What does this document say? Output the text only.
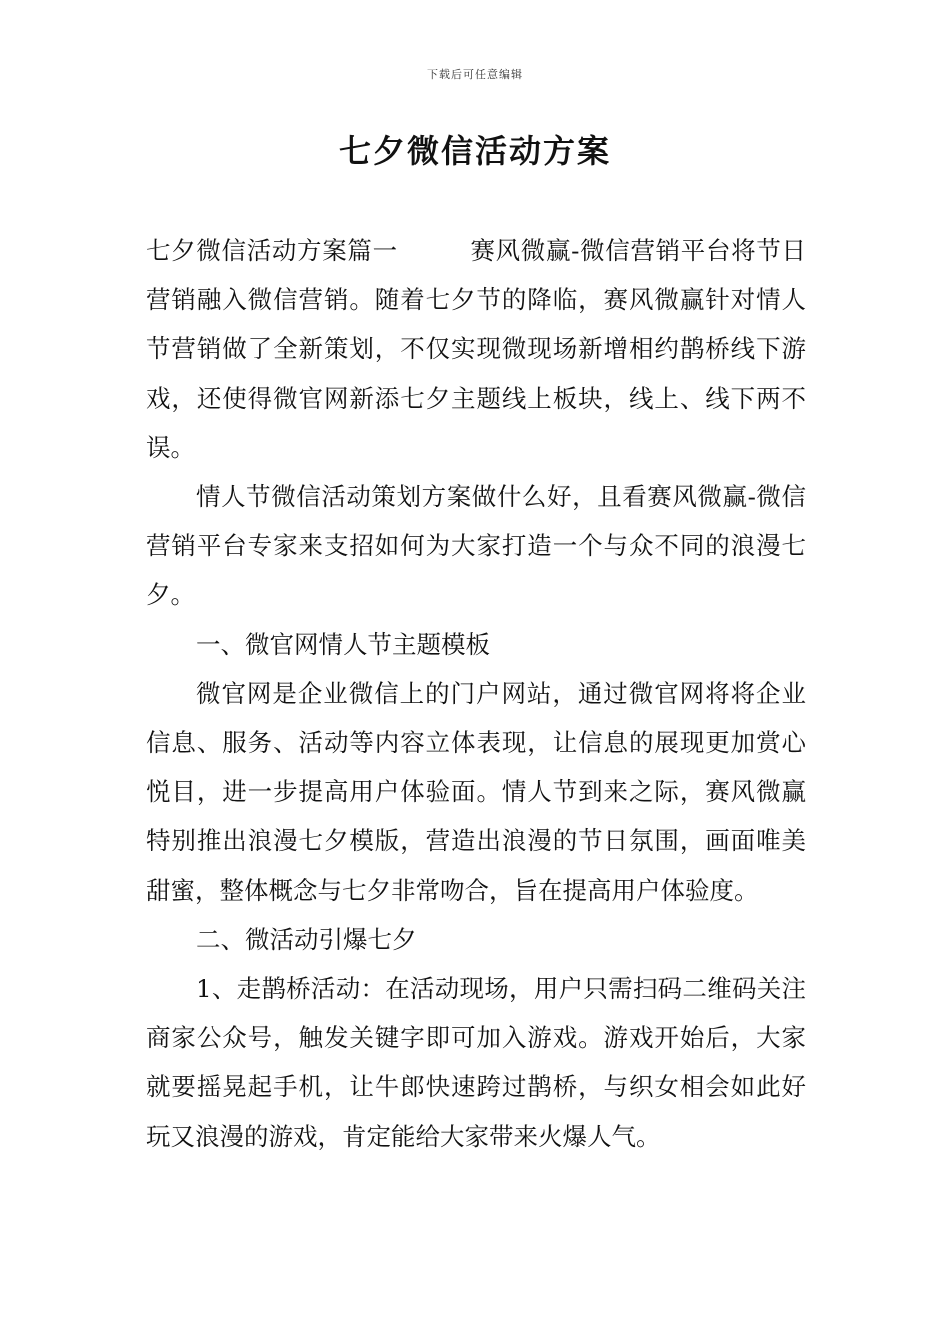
下载后可任意编辑
七夕微信活动方案

七夕微信活动方案篇一	赛风微赢-微信营销平台将节日营销融入微信营销。随着七夕节的降临，赛风微赢针对情人节营销做了全新策划，不仅实现微现场新增相约鹊桥线下游戏，还使得微官网新添七夕主题线上板块，线上、线下两不误。

情人节微信活动策划方案做什么好，且看赛风微赢-微信营销平台专家来支招如何为大家打造一个与众不同的浪漫七夕。

一、微官网情人节主题模板

微官网是企业微信上的门户网站，通过微官网将将企业信息、服务、活动等内容立体表现，让信息的展现更加赏心悦目，进一步提高用户体验面。情人节到来之际，赛风微赢特别推出浪漫七夕模版，营造出浪漫的节日氛围，画面唯美甜蜜，整体概念与七夕非常吻合，旨在提高用户体验度。

二、微活动引爆七夕

1、走鹊桥活动：在活动现场，用户只需扫码二维码关注商家公众号，触发关键字即可加入游戏。游戏开始后，大家就要摇晃起手机，让牛郎快速跨过鹊桥，与织女相会如此好玩又浪漫的游戏，肯定能给大家带来火爆人气。
